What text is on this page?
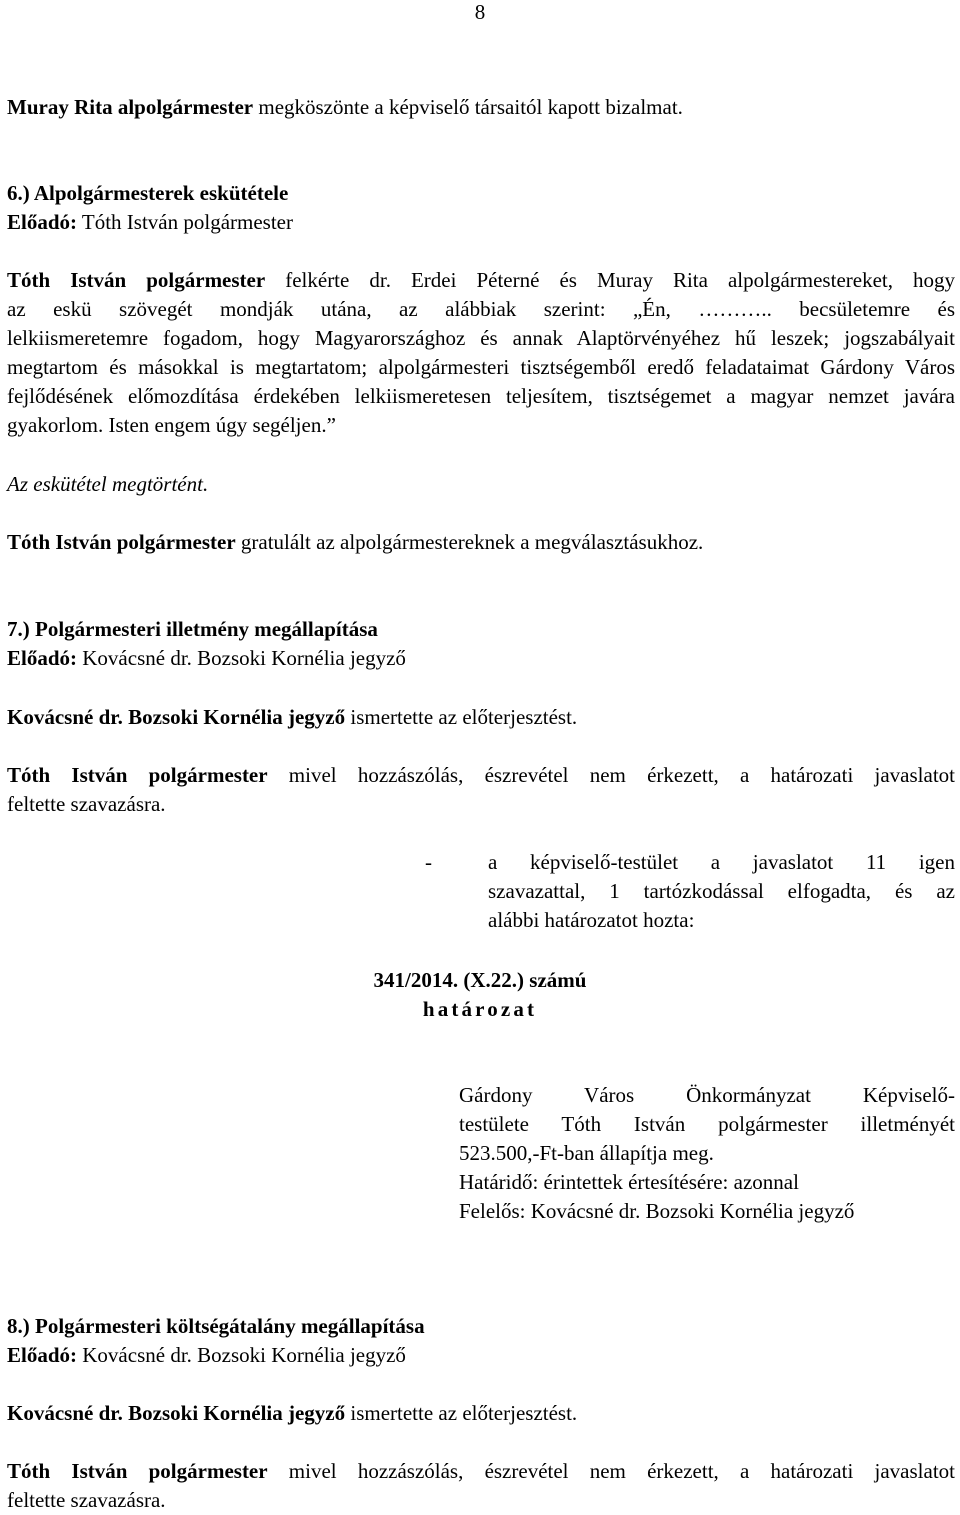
8

Muray Rita alpolgármester megköszönte a képviselő társaitól kapott bizalmat.

6.) Alpolgármesterek eskütétele
Előadó: Tóth István polgármester
Tóth István polgármester felkérte dr. Erdei Péterné és Muray Rita alpolgármestereket, hogy
az eskü szövegét mondják utána, az alábbiak szerint: „Én, ……….. becsületemre és
lelkiismeretemre fogadom, hogy Magyarországhoz és annak Alaptörvényéhez hű leszek; jogszabályait megtartom és másokkal is megtartatom; alpolgármesteri tisztségemből eredő feladataimat Gárdony Város fejlődésének előmozdítása érdekében lelkiismeretesen teljesítem, tisztségemet a magyar nemzet javára gyakorlom. Isten engem úgy segéljen.”

Az eskütétel megtörtént.

Tóth István polgármester gratulált az alpolgármestereknek a megválasztásukhoz.

7.) Polgármesteri illetmény megállapítása
Előadó: Kovácsné dr. Bozsoki Kornélia jegyző

Kovácsné dr. Bozsoki Kornélia jegyző ismertette az előterjesztést.

Tóth István polgármester mivel hozzászólás, észrevétel nem érkezett, a határozati javaslatot
feltette szavazásra.
-	a képviselő-testület a javaslatot 11 igen
szavazattal, 1 tartózkodással elfogadta, és az
alábbi határozatot hozta:
341/2014. (X.22.) számú
határozat
Gárdony Város Önkormányzat Képviselő-
testülete Tóth István polgármester illetményét
523.500,-Ft-ban állapítja meg.
Határidő: érintettek értesítésére: azonnal
Felelős: Kovácsné dr. Bozsoki Kornélia jegyző
8.) Polgármesteri költségátalány megállapítása
Előadó: Kovácsné dr. Bozsoki Kornélia jegyző

Kovácsné dr. Bozsoki Kornélia jegyző ismertette az előterjesztést.

Tóth István polgármester mivel hozzászólás, észrevétel nem érkezett, a határozati javaslatot
feltette szavazásra.
